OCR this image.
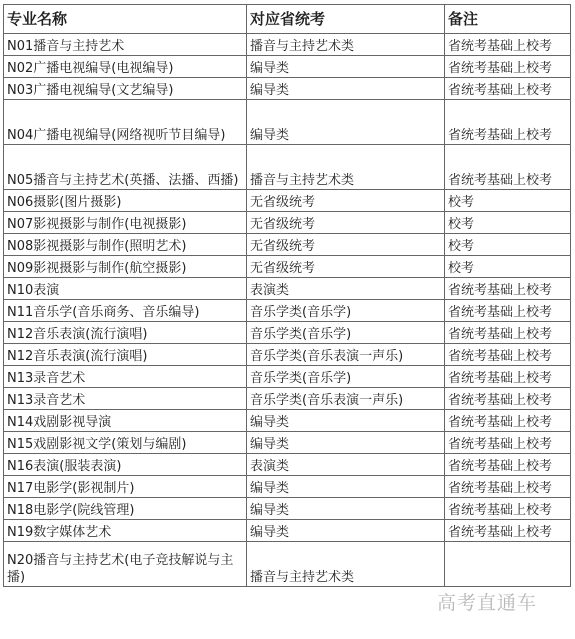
专业名称	对应省统考	备注
N01播音与主持艺术	播音与主持艺术类	省统考基础上校考
N02广播电视编导(电视编导)	编导类	省统考基础上校考
N03广播电视编导(文艺编导)	编导类	省统考基础上校考
N04广播电视编导(网络视听节目编导)	编导类	省统考基础上校考
N05播音与主持艺术(英播、法播、西播)	播音与主持艺术类	省统考基础上校考
N06摄影(图片摄影)	无省级统考	校考
N07影视摄影与制作(电视摄影)	无省级统考	校考
N08影视摄影与制作(照明艺术)	无省级统考	校考
N09影视摄影与制作(航空摄影)	无省级统考	校考
N10表演	表演类	省统考基础上校考
N11音乐学(音乐商务、音乐编导)	音乐学类(音乐学)	省统考基础上校考
N12音乐表演(流行演唱)	音乐学类(音乐学)	省统考基础上校考
N12音乐表演(流行演唱)	音乐学类(音乐表演一声乐)	省统考基础上校考
N13录音艺术	音乐学类(音乐学)	省统考基础上校考
N13录音艺术	音乐学类(音乐表演一声乐)	省统考基础上校考
N14戏剧影视导演	编导类	省统考基础上校考
N15戏剧影视文学(策划与编剧)	编导类	省统考基础上校考
N16表演(服装表演)	表演类	省统考基础上校考
N17电影学(影视制片)	编导类	省统考基础上校考
N18电影学(院线管理)	编导类	省统考基础上校考
N19数字媒体艺术	编导类	省统考基础上校考
N20播音与主持艺术(电子竞技解说与主播)	播音与主持艺术类	
高考直通车
